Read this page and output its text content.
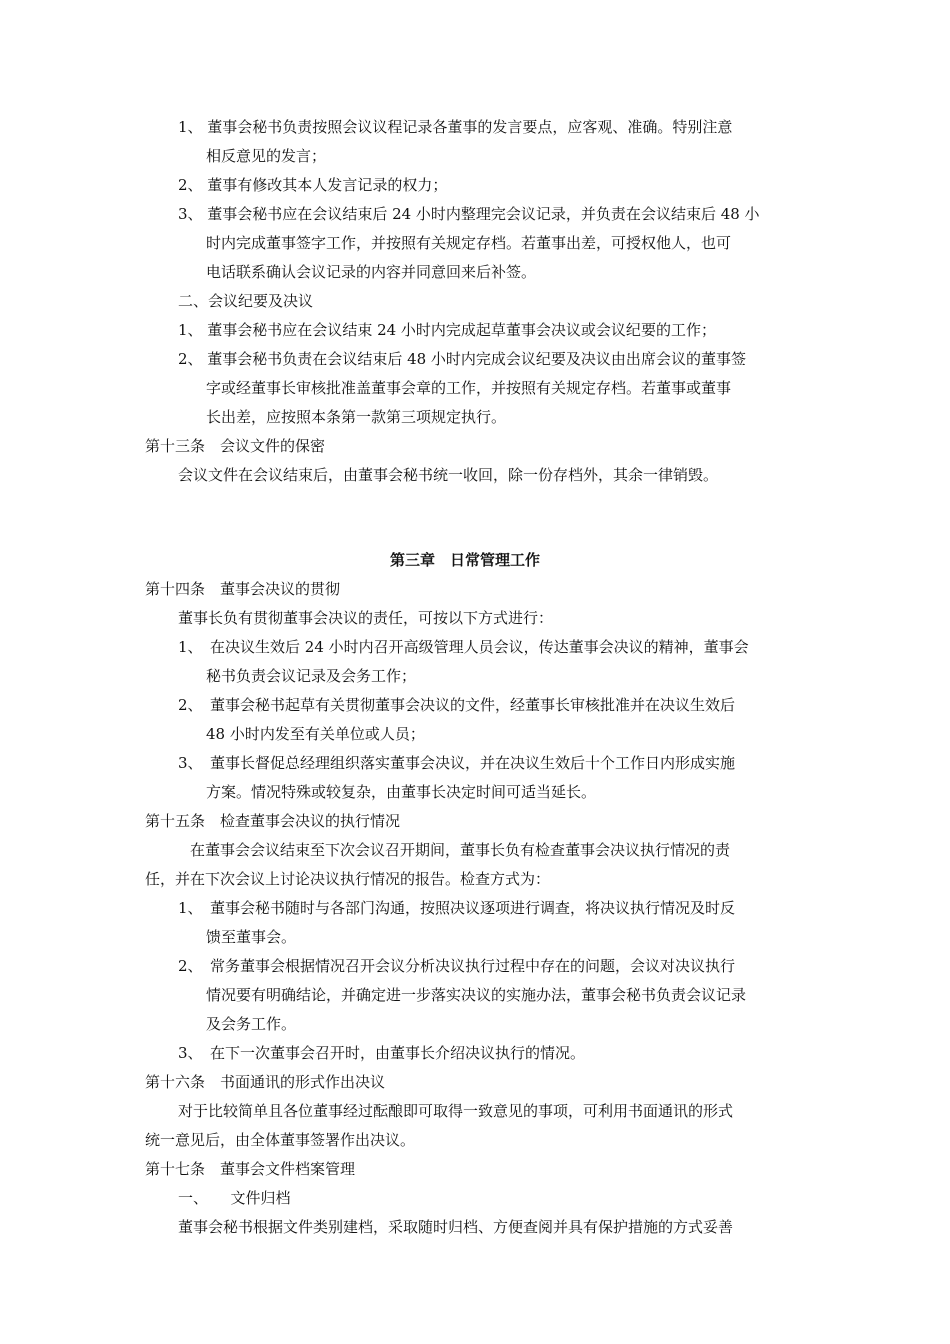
1、 董事会秘书负责按照会议议程记录各董事的发言要点，应客观、准确。特别注意
相反意见的发言；
2、 董事有修改其本人发言记录的权力；
3、 董事会秘书应在会议结束后 24 小时内整理完会议记录，并负责在会议结束后 48 小
时内完成董事签字工作，并按照有关规定存档。若董事出差，可授权他人，也可
电话联系确认会议记录的内容并同意回来后补签。
二、会议纪要及决议
1、 董事会秘书应在会议结束 24 小时内完成起草董事会决议或会议纪要的工作；
2、 董事会秘书负责在会议结束后 48 小时内完成会议纪要及决议由出席会议的董事签
字或经董事长审核批准盖董事会章的工作，并按照有关规定存档。若董事或董事
长出差，应按照本条第一款第三项规定执行。
第十三条　会议文件的保密
会议文件在会议结束后，由董事会秘书统一收回，除一份存档外，其余一律销毁。
第三章　日常管理工作
第十四条　董事会决议的贯彻
董事长负有贯彻董事会决议的责任，可按以下方式进行：
1、　在决议生效后 24 小时内召开高级管理人员会议，传达董事会决议的精神，董事会
秘书负责会议记录及会务工作；
2、　董事会秘书起草有关贯彻董事会决议的文件，经董事长审核批准并在决议生效后
48 小时内发至有关单位或人员；
3、　董事长督促总经理组织落实董事会决议，并在决议生效后十个工作日内形成实施
方案。情况特殊或较复杂，由董事长决定时间可适当延长。
第十五条　检查董事会决议的执行情况
在董事会会议结束至下次会议召开期间，董事长负有检查董事会决议执行情况的责
任，并在下次会议上讨论决议执行情况的报告。检查方式为：
1、　董事会秘书随时与各部门沟通，按照决议逐项进行调查，将决议执行情况及时反
馈至董事会。
2、　常务董事会根据情况召开会议分析决议执行过程中存在的问题，会议对决议执行
情况要有明确结论，并确定进一步落实决议的实施办法，董事会秘书负责会议记录
及会务工作。
3、　在下一次董事会召开时，由董事长介绍决议执行的情况。
第十六条　书面通讯的形式作出决议
对于比较简单且各位董事经过酝酿即可取得一致意见的事项，可利用书面通讯的形式
统一意见后，由全体董事签署作出决议。
第十七条　董事会文件档案管理
一、　　文件归档
董事会秘书根据文件类别建档，采取随时归档、方便查阅并具有保护措施的方式妥善
